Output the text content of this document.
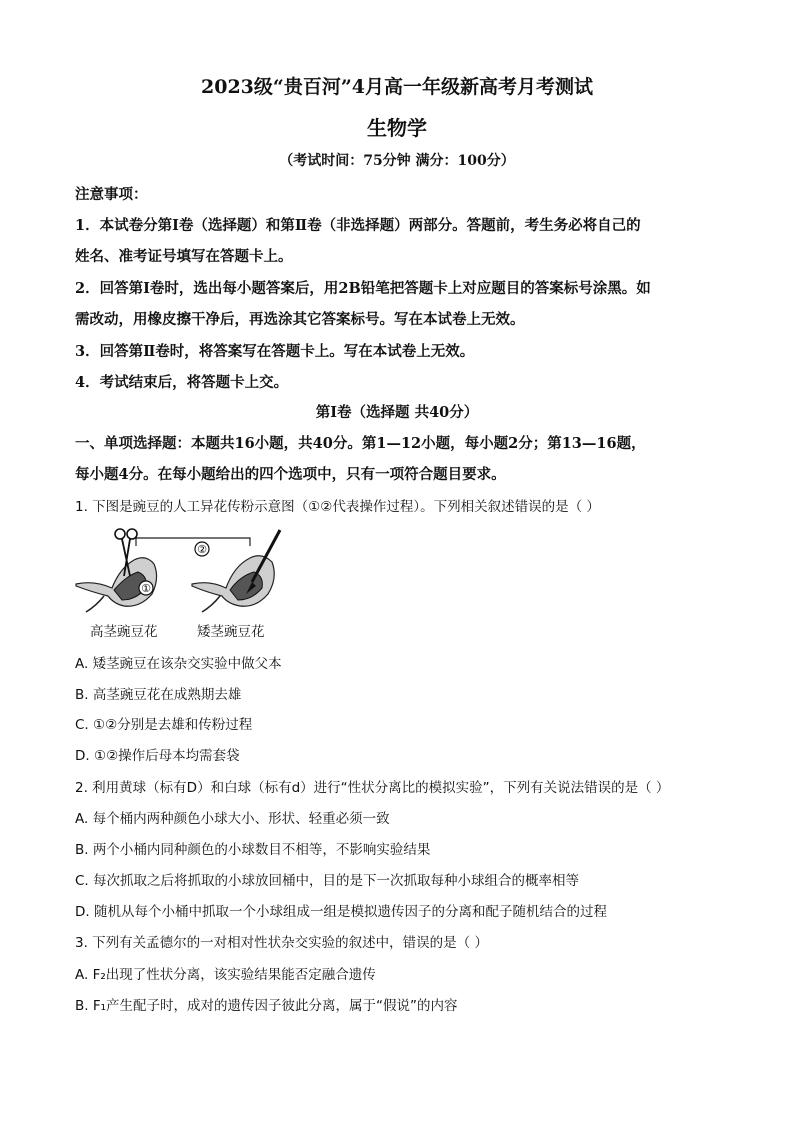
2023级“贵百河”4月高一年级新高考月考测试
生物学
（考试时间：75分钟 满分：100分）
注意事项：
1．本试卷分第Ⅰ卷（选择题）和第Ⅱ卷（非选择题）两部分。答题前，考生务必将自己的
姓名、准考证号填写在答题卡上。
2．回答第Ⅰ卷时，选出每小题答案后，用2B铅笔把答题卡上对应题目的答案标号涂黑。如
需改动，用橡皮擦干净后，再选涂其它答案标号。写在本试卷上无效。
3．回答第Ⅱ卷时，将答案写在答题卡上。写在本试卷上无效。
4．考试结束后，将答题卡上交。
第Ⅰ卷（选择题 共40分）
一、单项选择题：本题共16小题，共40分。第1—12小题，每小题2分；第13—16题，
每小题4分。在每小题给出的四个选项中，只有一项符合题目要求。
1. 下图是豌豆的人工异花传粉示意图（①②代表操作过程）。下列相关叙述错误的是（ ）
①
②
高茎豌豆花	矮茎豌豆花
A. 矮茎豌豆在该杂交实验中做父本
B. 高茎豌豆花在成熟期去雄
C. ①②分别是去雄和传粉过程
D. ①②操作后母本均需套袋
2. 利用黄球（标有D）和白球（标有d）进行“性状分离比的模拟实验”，下列有关说法错误的是（ ）
A. 每个桶内两种颜色小球大小、形状、轻重必须一致
B. 两个小桶内同种颜色的小球数目不相等，不影响实验结果
C. 每次抓取之后将抓取的小球放回桶中，目的是下一次抓取每种小球组合的概率相等
D. 随机从每个小桶中抓取一个小球组成一组是模拟遗传因子的分离和配子随机结合的过程
3. 下列有关孟德尔的一对相对性状杂交实验的叙述中，错误的是（ ）
A. F₂出现了性状分离，该实验结果能否定融合遗传
B. F₁产生配子时，成对的遗传因子彼此分离，属于“假说”的内容
